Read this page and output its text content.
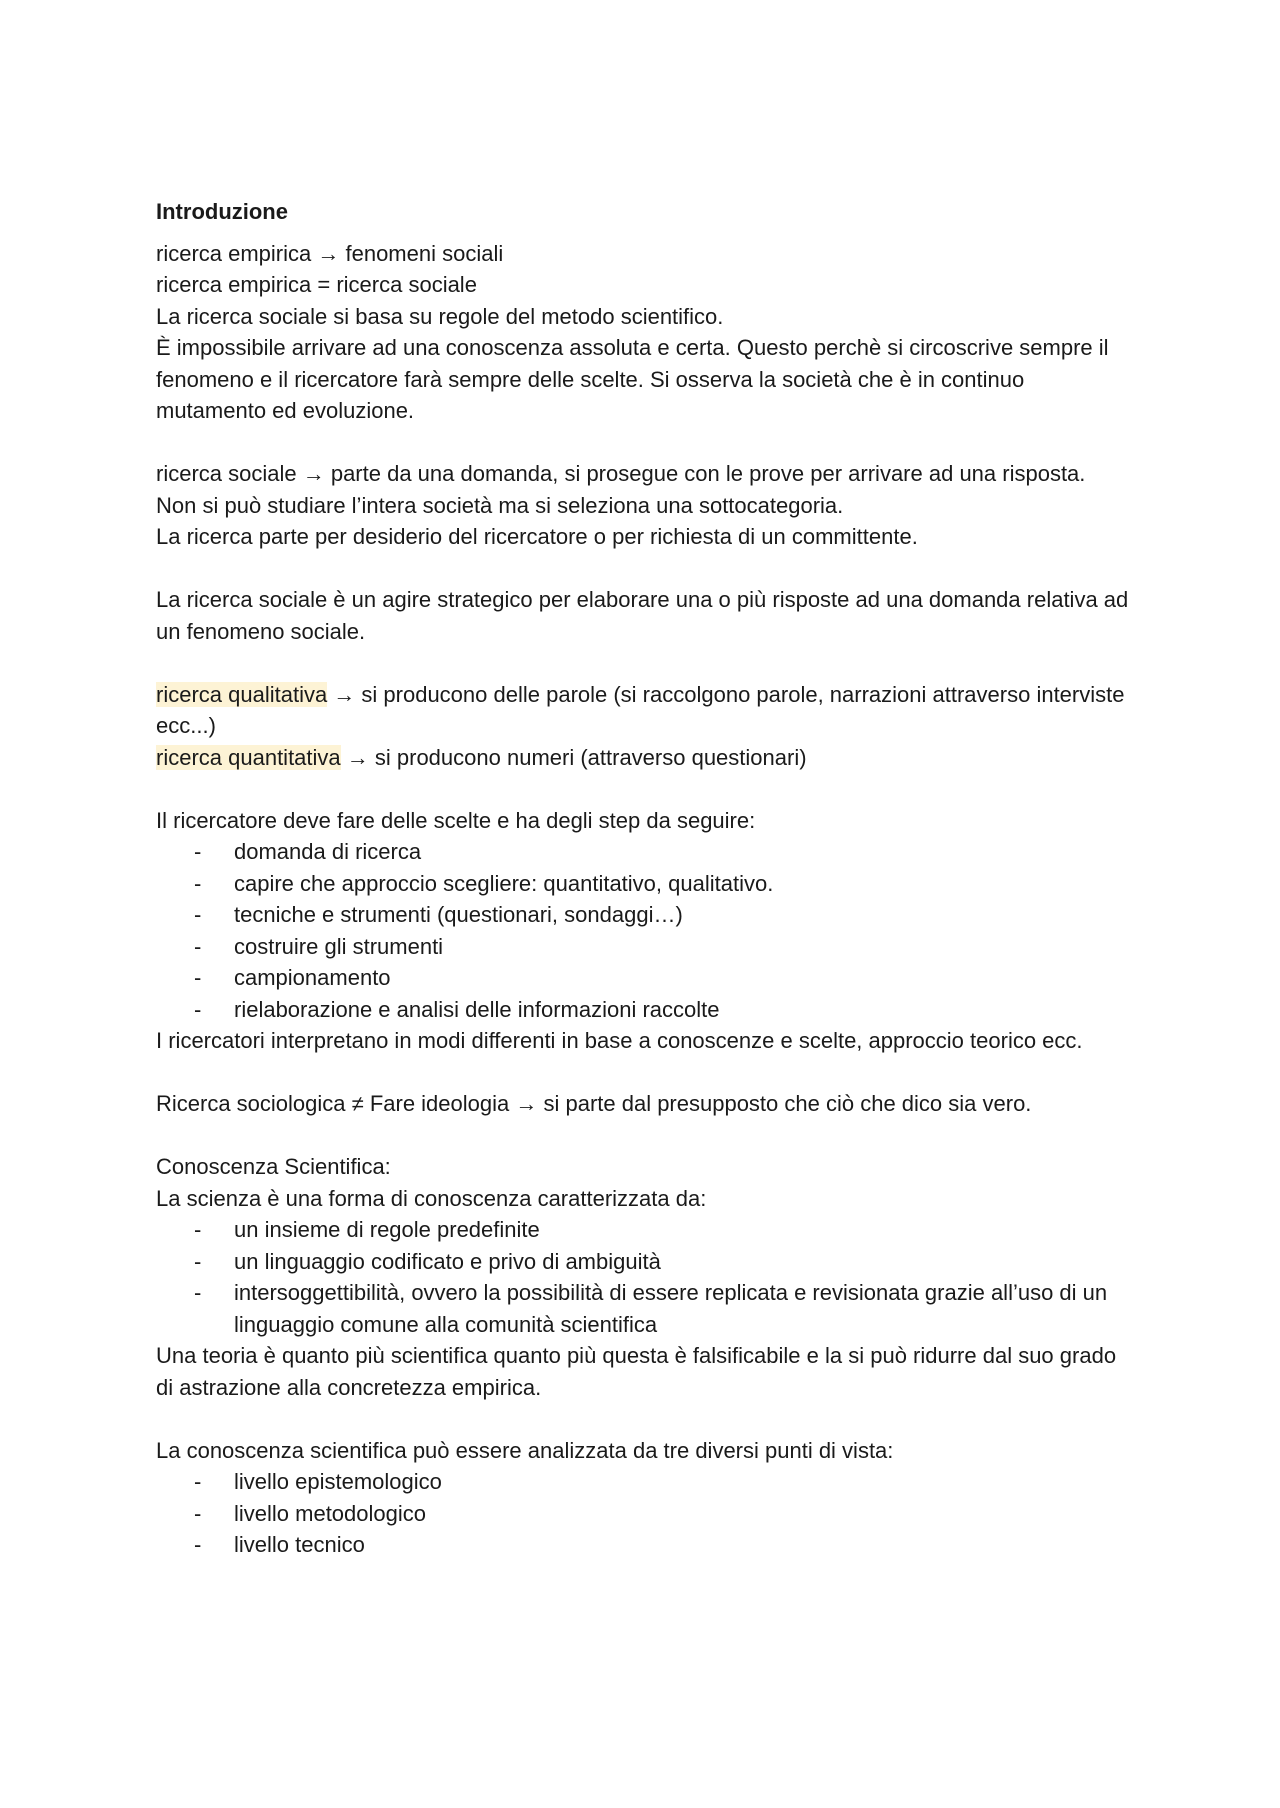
Introduzione

ricerca empirica → fenomeni sociali

ricerca empirica = ricerca sociale

La ricerca sociale si basa su regole del metodo scientifico.

È impossibile arrivare ad una conoscenza assoluta e certa. Questo perchè si circoscrive sempre il fenomeno e il ricercatore farà sempre delle scelte. Si osserva la società che è in continuo mutamento ed evoluzione.

ricerca sociale → parte da una domanda, si prosegue con le prove per arrivare ad una risposta.

Non si può studiare l’intera società ma si seleziona una sottocategoria.

La ricerca parte per desiderio del ricercatore o per richiesta di un committente.

La ricerca sociale è un agire strategico per elaborare una o più risposte ad una domanda relativa ad un fenomeno sociale.

ricerca qualitativa → si producono delle parole (si raccolgono parole, narrazioni attraverso interviste ecc...)

ricerca quantitativa → si producono numeri (attraverso questionari)

Il ricercatore deve fare delle scelte e ha degli step da seguire:

- domanda di ricerca
- capire che approccio scegliere: quantitativo, qualitativo.
- tecniche e strumenti (questionari, sondaggi…)
- costruire gli strumenti
- campionamento
- rielaborazione e analisi delle informazioni raccolte

I ricercatori interpretano in modi differenti in base a conoscenze e scelte, approccio teorico ecc.

Ricerca sociologica ≠ Fare ideologia → si parte dal presupposto che ciò che dico sia vero.

Conoscenza Scientifica:

La scienza è una forma di conoscenza caratterizzata da:

- un insieme di regole predefinite
- un linguaggio codificato e privo di ambiguità
- intersoggettibilità, ovvero la possibilità di essere replicata e revisionata grazie all’uso di un linguaggio comune alla comunità scientifica

Una teoria è quanto più scientifica quanto più questa è falsificabile e la si può ridurre dal suo grado di astrazione alla concretezza empirica.

La conoscenza scientifica può essere analizzata da tre diversi punti di vista:

- livello epistemologico
- livello metodologico
- livello tecnico
